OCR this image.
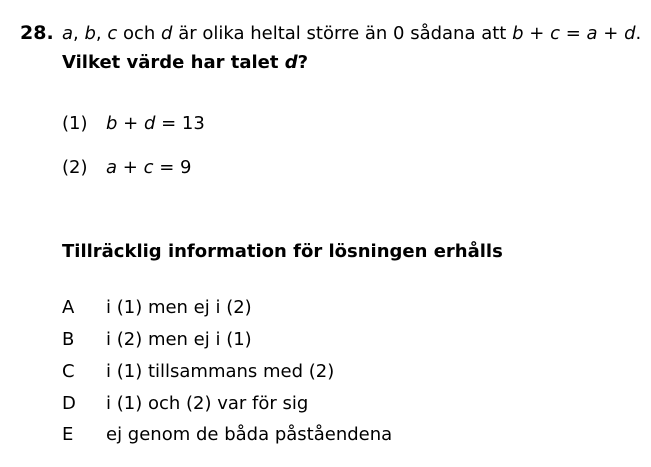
28. a, b, c och d är olika heltal större än 0 sådana att b + c = a + d.
Vilket värde har talet d?
(1) b + d = 13
(2) a + c = 9
Tillräcklig information för lösningen erhålls
A i (1) men ej i (2)
B i (2) men ej i (1)
C i (1) tillsammans med (2)
D i (1) och (2) var för sig
E ej genom de båda påståendena
